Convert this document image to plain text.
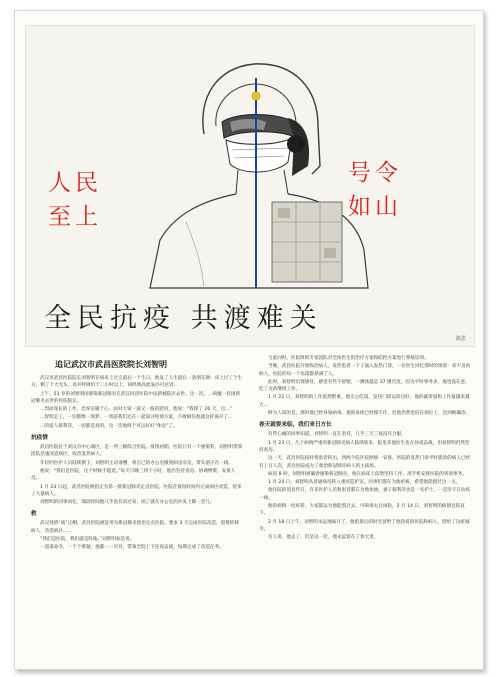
人民
至上
号令
如山
全民抗疫 共渡难关
陈思
追记武汉市武昌医院院长刘智明

武汉市武昌医院院长刘智明在病床上过完最后一个生日，他发了人生最后一条朋友圈：床上过了个生日，剩了个大光头，再开呼吸机十二小时以上，回经典高流氧办可达到...

上午，51 岁的刘智明因感染新冠肺炎在武汉同济医院中法新城院区去世。这一次，...病魔一役国新冠肺炎去世的医院院长。

...烈而漫长的工作，忠厚实履于心，面对大家一波又一波的慰问，他说：“我撑了 20 天，这...”

...智明走了，一切都像一场梦，一周前我们还在一起探讨疫情方案，不敢相信他就这样离开了...

...的爱人蔡利萍，一切都是真的，这一次他终于可以好好“休息”了。

抗疫情

武昌医院位于武汉市中心城区，是一所三级综合医院。疫情初期，医院只有一个感染科，刘智明带领团队迅速改造病区，收治发热病人。

年轻的医护人员陆续倒下，刘智明主动请缨，将自己的办公室搬到病房旁边，带头值守在一线。

他说：“我们是医院，这个时候不能退。”每天只睡三四个小时，他仍坚持查房、协调物资、安排人员。

1 月 23 日起，武昌医院被指定为第一批新冠肺炎定点医院。医院在很短时间内完成病区改造，迎来了大量病人。

刘智明的同事回忆，那段时间他几乎没有回过家，困了就在办公室的沙发上眯一会儿。

救

武汉疫情“战”正酣，武昌医院被征用为新冠肺炎救治定点医院。要求 3 天完成医院改造，需要转移病人，改造病区……

“我们是医院，我们就是阵地。”刘智明如是说。

一道道命令，一个个难题，他都一一应对，带领全院上下连夜奋战，按期完成了改造任务。

与此同时，医院组织专家团队对全体医生的治疗方案和防控方案进行系统培训。

当晚，武昌医院开始收治病人。发热患者一下子涌入发热门诊，一位医生回忆那时的场景：来不及看病人，医院的每一个角落都挤满了人。

此时，刘智明出现感冒，感觉有些不舒服，一测体温是 37 摄氏度。因为平时事务多，他也没在意，吃了点药继续工作。

1 月 22 日，刘智明的工作依然繁重，他无心吃饭，发热门诊运转良好，他的就诊量和工作量越来越大...

鲜为人知的是，那时他已经身染病毒，他的身体已经撑不住，但他仍然坚持在岗位上，直到被确诊。

春天就要来临，我们来日方长

有些心痛的同事知道，刘智明一直在坚持，几乎三天三夜没有合眼。

1 月 23 日，几个病情严重的新冠肺炎病人陆续转来，院里其他医生也在昼夜奋战，但刘智明仍然坚持查房。

这一天，武昌医院按时将患者转出，西两个院区按照统一安排，医院的发热门诊平时就诊的病人已经有上百人次，武昌医院成为了收治新冠肺炎病人的主战场。

病房 8 时，刘智明被确诊感染新冠肺炎，他在病床上依然坚持工作，用手机安排医院的各项事务。

1 月 24 日，刘智明从普通病房转入重症监护室。同事们都在为他祈祷，希望他能挺过这一关。

他住院的消息传开，许多医护人员和患者都在为他加油。妻子蔡利萍也是一名护士，一直坚守在抗疫一线。

他的病情一度好转，大家都以为他能熬过去。可病毒太过凶险，2 月 14 日，刘智明的病情急转直下。

2 月 18 日上午，刘智明永远地离开了。他把最后的时光留给了他热爱的医院和病人，留给了这座城市。

有人说，他走了，但是这一次，他永远留在了春天里。
